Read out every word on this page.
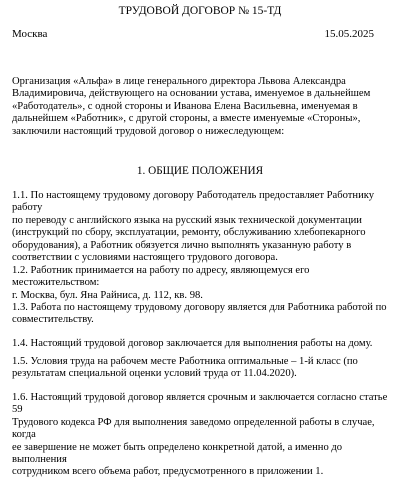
ТРУДОВОЙ ДОГОВОР № 15-ТД
Москва	15.05.2025

Организация «Альфа» в лице генерального директора Львова Александра
Владимировича, действующего на основании устава, именуемое в дальнейшем
«Работодатель», с одной стороны и Иванова Елена Васильевна, именуемая в
дальнейшем «Работник», с другой стороны, а вместе именуемые «Стороны»,
заключили настоящий трудовой договор о нижеследующем:

1. ОБЩИЕ ПОЛОЖЕНИЯ

1.1. По настоящему трудовому договору Работодатель предоставляет Работнику работу
по переводу с английского языка на русский язык технической документации
(инструкций по сбору, эксплуатации, ремонту, обслуживанию хлебопекарного
оборудования), а Работник обязуется лично выполнять указанную работу в
соответствии с условиями настоящего трудового договора.

1.2. Работник принимается на работу по адресу, являющемуся его местожительством:
г. Москва, бул. Яна Райниса, д. 112, кв. 98.

1.3. Работа по настоящему трудовому договору является для Работника работой по
совместительству.

1.4. Настоящий трудовой договор заключается для выполнения работы на дому.

1.5. Условия труда на рабочем месте Работника оптимальные – 1-й класс (по
результатам специальной оценки условий труда от 11.04.2020).

1.6. Настоящий трудовой договор является срочным и заключается согласно статье 59
Трудового кодекса РФ для выполнения заведомо определенной работы в случае, когда
ее завершение не может быть определено конкретной датой, а именно до выполнения
сотрудником всего объема работ, предусмотренного в приложении 1.
